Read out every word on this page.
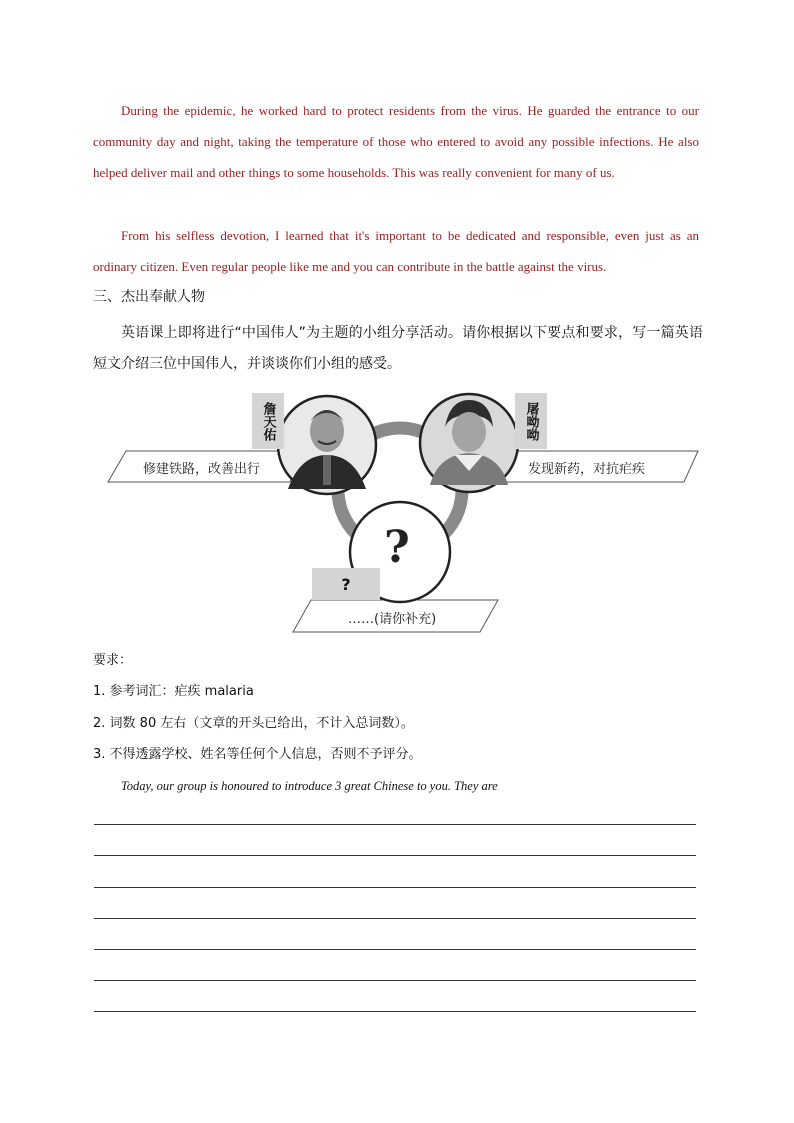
During the epidemic, he worked hard to protect residents from the virus. He guarded the entrance to our community day and night, taking the temperature of those who entered to avoid any possible infections. He also helped deliver mail and other things to some households. This was really convenient for many of us.

From his selfless devotion, I learned that it's important to be dedicated and responsible, even just as an ordinary citizen. Even regular people like me and you can contribute in the battle against the virus.

三、杰出奉献人物

英语课上即将进行“中国伟人”为主题的小组分享活动。请你根据以下要点和要求，写一篇英语短文介绍三位中国伟人，并谈谈你们小组的感受。

詹天佑	屠呦呦
?
修建铁路，改善出行	发现新药，对抗疟疾
……(请你补充)
?
要求：
1. 参考词汇：疟疾 malaria
2. 词数 80 左右（文章的开头已给出，不计入总词数）。
3. 不得透露学校、姓名等任何个人信息，否则不予评分。
Today, our group is honoured to introduce 3 great Chinese to you. They are
